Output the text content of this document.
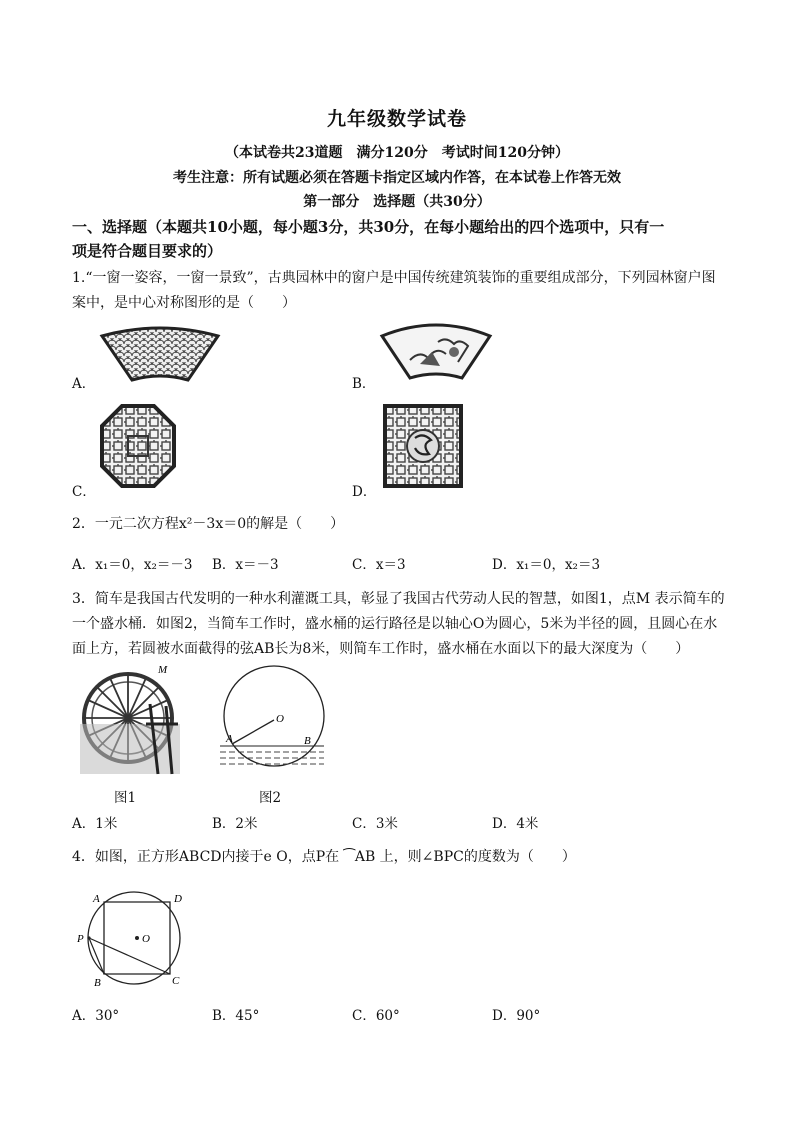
九年级数学试卷
（本试卷共23道题　满分120分　考试时间120分钟）
考生注意：所有试题必须在答题卡指定区域内作答，在本试卷上作答无效
第一部分　选择题（共30分）
一、选择题（本题共10小题，每小题3分，共30分，在每小题给出的四个选项中，只有一
项是符合题目要求的）
1.“一窗一姿容，一窗一景致”，古典园林中的窗户是中国传统建筑装饰的重要组成部分，下列园林窗户图
案中，是中心对称图形的是（　　）
A．	B．
C．	D．
2．一元二次方程x²－3x＝0的解是（　　）
A．x₁＝0，x₂＝－3 B．x＝－3	C．x＝3	D．x₁＝0，x₂＝3
3．简车是我国古代发明的一种水利灌溉工具，彰显了我国古代劳动人民的智慧，如图1，点M 表示简车的
一个盛水桶．如图2，当简车工作时，盛水桶的运行路径是以轴心O为圆心，5米为半径的圆，且圆心在水
面上方，若圆被水面截得的弦AB长为8米，则简车工作时，盛水桶在水面以下的最大深度为（　　）
M
图1
O
A	B
图2
A．1米	B．2米	C．3米	D．4米
4．如图，正方形ABCD内接于e O，点P在 ⁀AB 上，则∠BPC的度数为（　　）
A	D
O
P
B	C
A．30°	B．45°	C．60°	D．90°
